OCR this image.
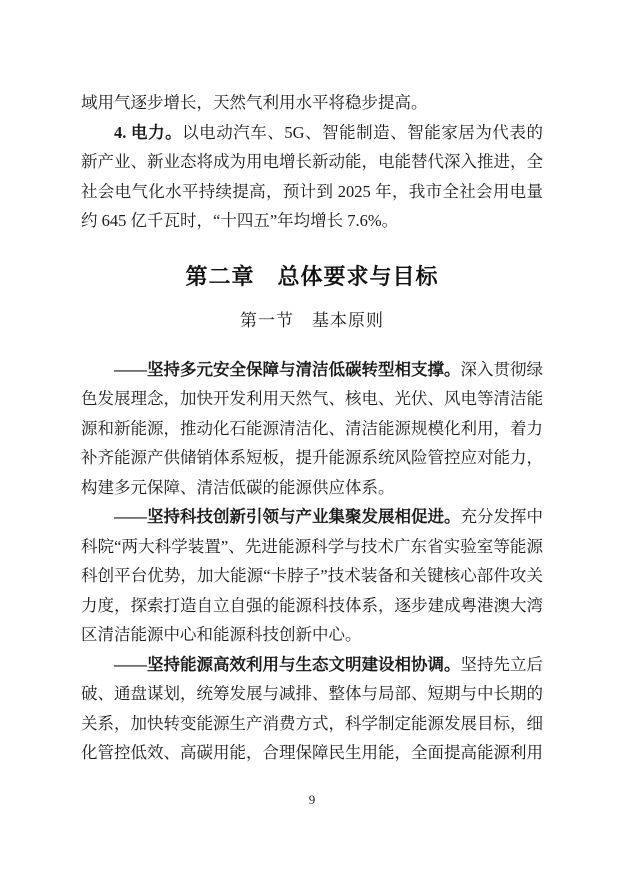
域用气逐步增长，天然气利用水平将稳步提高。

4. 电力。以电动汽车、5G、智能制造、智能家居为代表的新产业、新业态将成为用电增长新动能，电能替代深入推进，全社会电气化水平持续提高，预计到 2025 年，我市全社会用电量约 645 亿千瓦时，“十四五”年均增长 7.6%。

第二章　总体要求与目标
第一节　基本原则

——坚持多元安全保障与清洁低碳转型相支撑。深入贯彻绿色发展理念，加快开发利用天然气、核电、光伏、风电等清洁能源和新能源，推动化石能源清洁化、清洁能源规模化利用，着力补齐能源产供储销体系短板，提升能源系统风险管控应对能力，构建多元保障、清洁低碳的能源供应体系。

——坚持科技创新引领与产业集聚发展相促进。充分发挥中科院“两大科学装置”、先进能源科学与技术广东省实验室等能源科创平台优势，加大能源“卡脖子”技术装备和关键核心部件攻关力度，探索打造自立自强的能源科技体系，逐步建成粤港澳大湾区清洁能源中心和能源科技创新中心。

——坚持能源高效利用与生态文明建设相协调。坚持先立后破、通盘谋划，统筹发展与减排、整体与局部、短期与中长期的关系，加快转变能源生产消费方式，科学制定能源发展目标，细化管控低效、高碳用能，合理保障民生用能，全面提高能源利用

9
